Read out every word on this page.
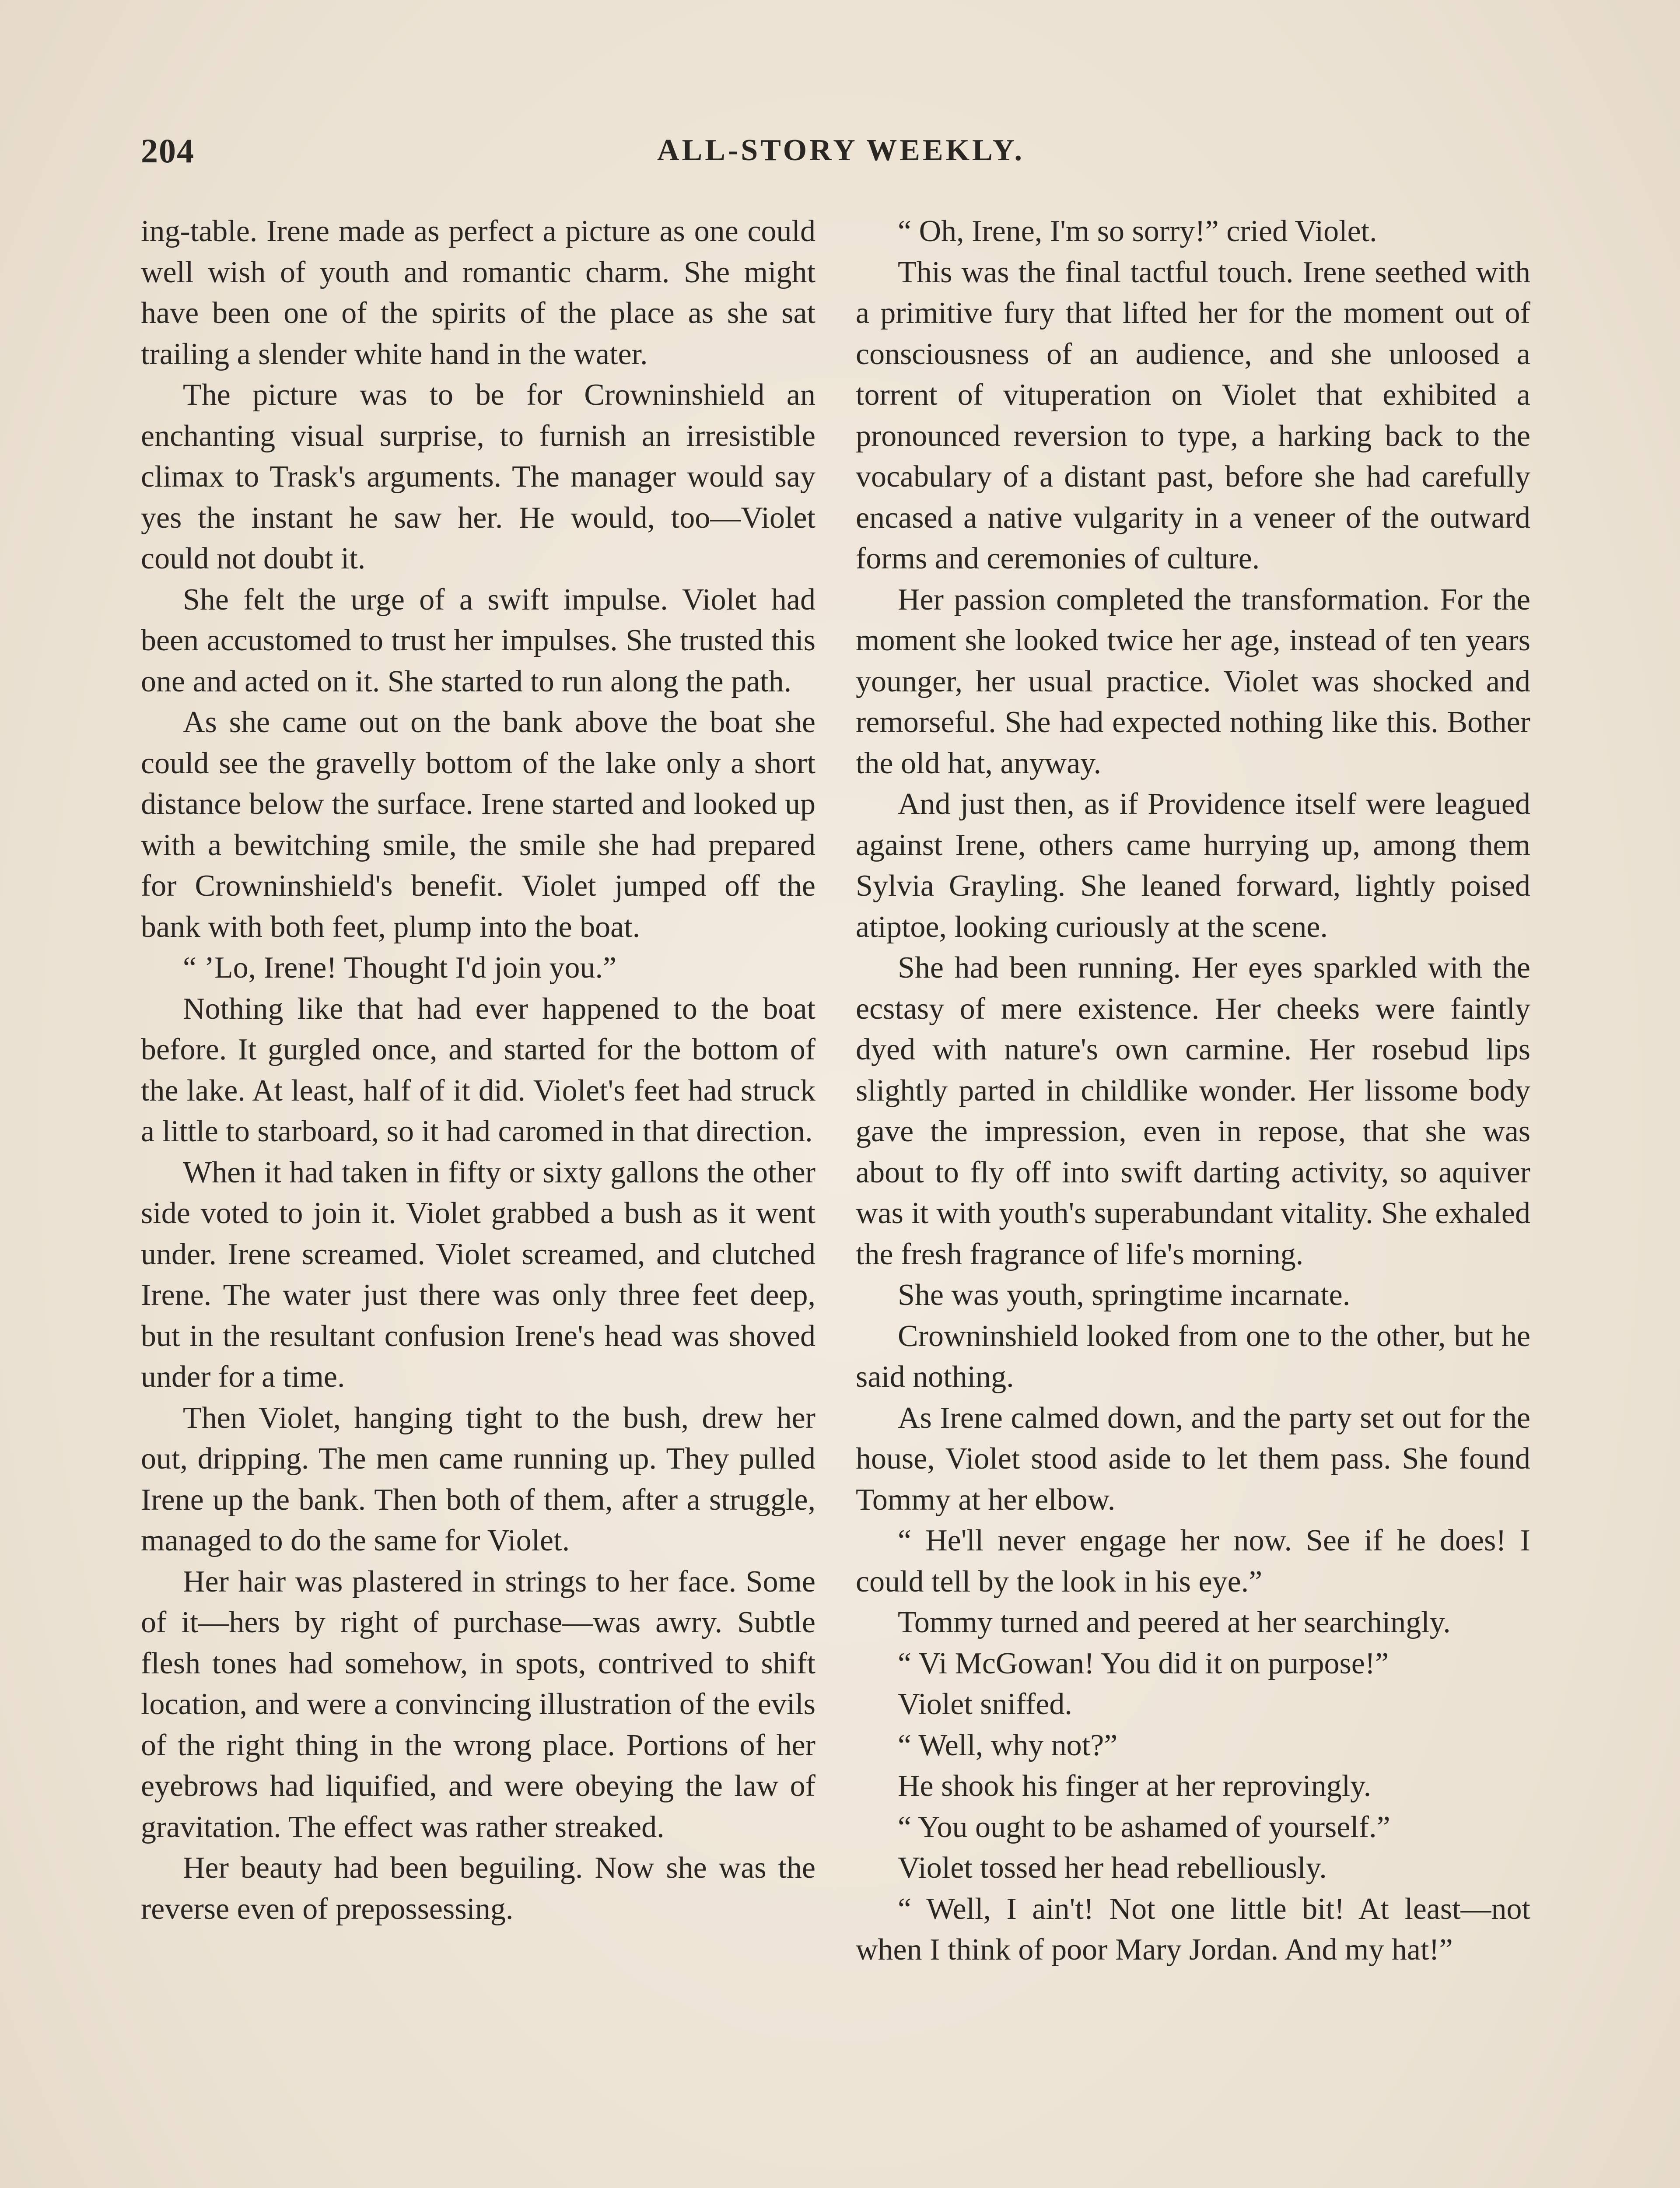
204	ALL-STORY WEEKLY.

ing-table. Irene made as perfect a picture as one could well wish of youth and romantic charm. She might have been one of the spirits of the place as she sat trailing a slender white hand in the water.

The picture was to be for Crowninshield an enchanting visual surprise, to furnish an irresistible climax to Trask's arguments. The manager would say yes the instant he saw her. He would, too—Violet could not doubt it.

She felt the urge of a swift impulse. Violet had been accustomed to trust her impulses. She trusted this one and acted on it. She started to run along the path.

As she came out on the bank above the boat she could see the gravelly bottom of the lake only a short distance below the surface. Irene started and looked up with a bewitching smile, the smile she had prepared for Crowninshield's benefit. Violet jumped off the bank with both feet, plump into the boat.

“ ’Lo, Irene! Thought I'd join you.”

Nothing like that had ever happened to the boat before. It gurgled once, and started for the bottom of the lake. At least, half of it did. Violet's feet had struck a little to starboard, so it had caromed in that direction.

When it had taken in fifty or sixty gallons the other side voted to join it. Violet grabbed a bush as it went under. Irene screamed. Violet screamed, and clutched Irene. The water just there was only three feet deep, but in the resultant confusion Irene's head was shoved under for a time.

Then Violet, hanging tight to the bush, drew her out, dripping. The men came running up. They pulled Irene up the bank. Then both of them, after a struggle, managed to do the same for Violet.

Her hair was plastered in strings to her face. Some of it—hers by right of purchase—was awry. Subtle flesh tones had somehow, in spots, contrived to shift location, and were a convincing illustration of the evils of the right thing in the wrong place. Portions of her eyebrows had liquified, and were obeying the law of gravitation. The effect was rather streaked.

Her beauty had been beguiling. Now she was the reverse even of prepossessing.

“ Oh, Irene, I'm so sorry!” cried Violet.

This was the final tactful touch. Irene seethed with a primitive fury that lifted her for the moment out of consciousness of an audience, and she unloosed a torrent of vituperation on Violet that exhibited a pronounced reversion to type, a harking back to the vocabulary of a distant past, before she had carefully encased a native vulgarity in a veneer of the outward forms and ceremonies of culture.

Her passion completed the transformation. For the moment she looked twice her age, instead of ten years younger, her usual practice. Violet was shocked and remorseful. She had expected nothing like this. Bother the old hat, anyway.

And just then, as if Providence itself were leagued against Irene, others came hurrying up, among them Sylvia Grayling. She leaned forward, lightly poised atiptoe, looking curiously at the scene.

She had been running. Her eyes sparkled with the ecstasy of mere existence. Her cheeks were faintly dyed with nature's own carmine. Her rosebud lips slightly parted in childlike wonder. Her lissome body gave the impression, even in repose, that she was about to fly off into swift darting activity, so aquiver was it with youth's superabundant vitality. She exhaled the fresh fragrance of life's morning.

She was youth, springtime incarnate.

Crowninshield looked from one to the other, but he said nothing.

As Irene calmed down, and the party set out for the house, Violet stood aside to let them pass. She found Tommy at her elbow.

“ He'll never engage her now. See if he does! I could tell by the look in his eye.”

Tommy turned and peered at her searchingly.

“ Vi McGowan! You did it on purpose!”

Violet sniffed.

“ Well, why not?”

He shook his finger at her reprovingly.

“ You ought to be ashamed of yourself.”

Violet tossed her head rebelliously.

“ Well, I ain't! Not one little bit! At least—not when I think of poor Mary Jordan. And my hat!”
